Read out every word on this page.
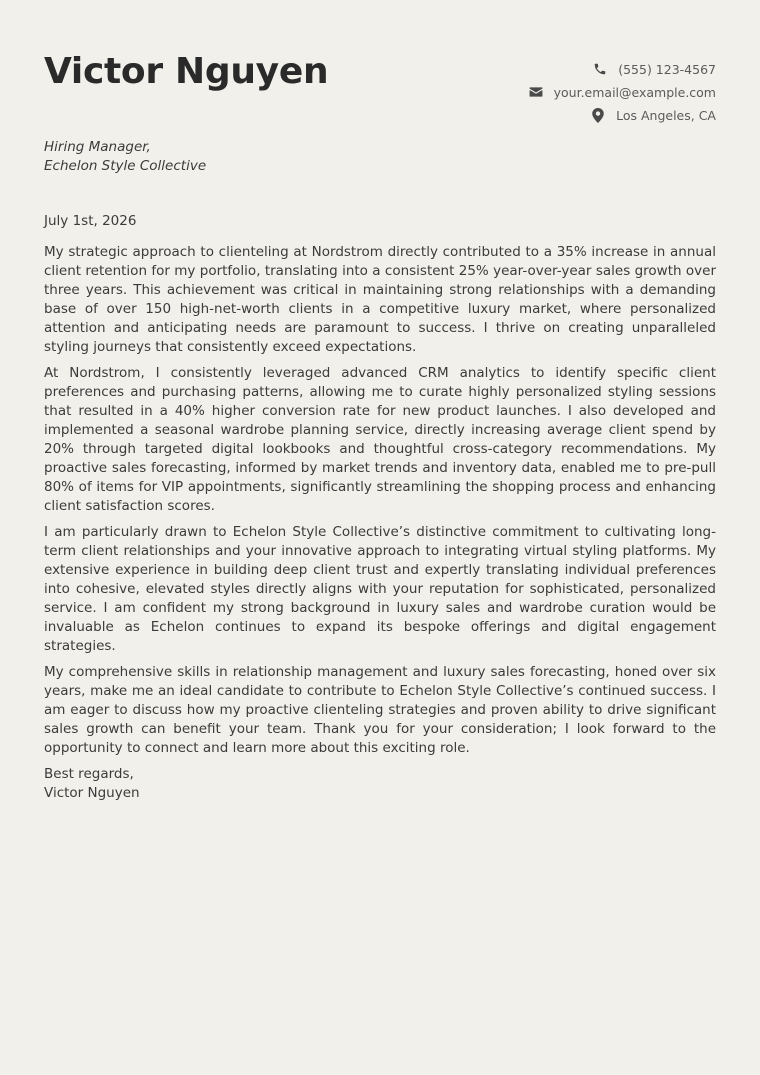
Victor Nguyen	(555) 123-4567
your.email@example.com
Los Angeles, CA
Hiring Manager,
Echelon Style Collective
July 1st, 2026

My strategic approach to clienteling at Nordstrom directly contributed to a 35% increase in annual client retention for my portfolio, translating into a consistent 25% year-over-year sales growth over three years. This achievement was critical in maintaining strong relationships with a demanding base of over 150 high-net-worth clients in a competitive luxury market, where personalized attention and anticipating needs are paramount to success. I thrive on creating unparalleled styling journeys that consistently exceed expectations.

At Nordstrom, I consistently leveraged advanced CRM analytics to identify specific client preferences and purchasing patterns, allowing me to curate highly personalized styling sessions that resulted in a 40% higher conversion rate for new product launches. I also developed and implemented a seasonal wardrobe planning service, directly increasing average client spend by 20% through targeted digital lookbooks and thoughtful cross-category recommendations. My proactive sales forecasting, informed by market trends and inventory data, enabled me to pre-pull 80% of items for VIP appointments, significantly streamlining the shopping process and enhancing client satisfaction scores.

I am particularly drawn to Echelon Style Collective’s distinctive commitment to cultivating long-term client relationships and your innovative approach to integrating virtual styling platforms. My extensive experience in building deep client trust and expertly translating individual preferences into cohesive, elevated styles directly aligns with your reputation for sophisticated, personalized service. I am confident my strong background in luxury sales and wardrobe curation would be invaluable as Echelon continues to expand its bespoke offerings and digital engagement strategies.

My comprehensive skills in relationship management and luxury sales forecasting, honed over six years, make me an ideal candidate to contribute to Echelon Style Collective’s continued success. I am eager to discuss how my proactive clienteling strategies and proven ability to drive significant sales growth can benefit your team. Thank you for your consideration; I look forward to the opportunity to connect and learn more about this exciting role.

Best regards,
Victor Nguyen
